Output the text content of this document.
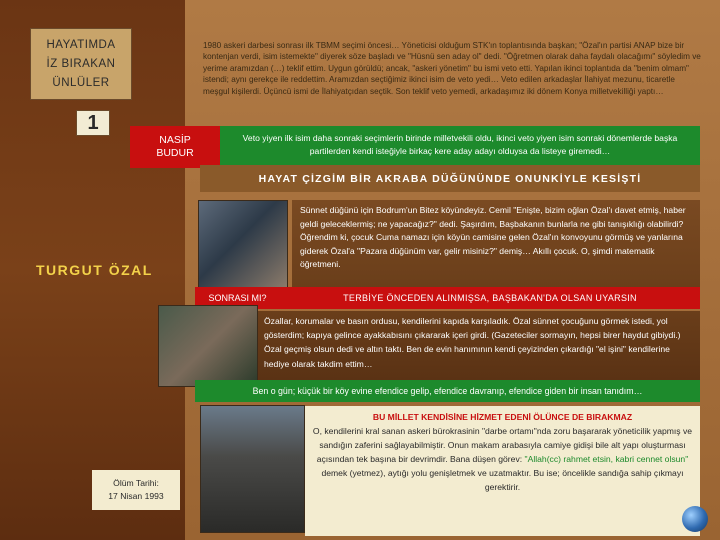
HAYATIMDA
İZ BIRAKAN
ÜNLÜLER
1
1980 askeri darbesi sonrası ilk TBMM seçimi öncesi… Yöneticisi olduğum STK'ın toplantısında başkan; "Özal'ın partisi ANAP bize bir kontenjan verdi, isim istemekte" diyerek söze başladı ve "Hüsnü sen aday ol" dedi. "Öğretmen olarak daha faydalı olacağımı" söyledim ve yerime aramızdan (…) teklif ettim. Uygun görüldü; ancak, "askeri yönetim" bu ismi veto etti. Yapılan ikinci toplantıda da "benim olmam" istendi; aynı gerekçe ile reddettim. Aramızdan seçtiğimiz ikinci isim de veto yedi… Veto edilen arkadaşlar İlahiyat mezunu, ticaretle meşgul kişilerdi. Üçüncü ismi de İlahiyatçıdan seçtik. Son teklif veto yemedi, arkadaşımız iki dönem Konya milletvekilliği yaptı…
NASİP
BUDUR
Veto yiyen ilk isim daha sonraki seçimlerin birinde milletvekili oldu, ikinci veto yiyen isim sonraki dönemlerde başka partilerden kendi isteğiyle birkaç kere aday adayı olduysa da listeye giremedi…
HAYAT ÇİZGİM BİR AKRABA DÜĞÜNÜNDE ONUNKİYLE KESİŞTİ
Sünnet düğünü için Bodrum'un Bitez köyündeyiz. Cemil "Enişte, bizim oğlan Özal'ı davet etmiş, haber geldi geleceklermiş; ne yapacağız?" dedi. Şaşırdım, Başbakanın bunlarla ne gibi tanışıklığı olabilirdi? Öğrendim ki, çocuk Cuma namazı için köyün camisine gelen Özal'ın konvoyunu görmüş ve yanlarına giderek Özal'a "Pazara düğünüm var, gelir misiniz?" demiş… Akıllı çocuk. O, şimdi matematik öğretmeni.
TURGUT ÖZAL
SONRASI MI?	TERBİYE ÖNCEDEN ALINMIŞSA, BAŞBAKAN'DA OLSAN UYARSIN
Özallar, korumalar ve basın ordusu, kendilerini kapıda karşıladık. Özal sünnet çocuğunu görmek istedi, yol gösterdim; kapıya gelince ayakkabısını çıkararak içeri girdi. (Gazeteciler sormayın, hepsi birer haydut gibiydi.) Özal geçmiş olsun dedi ve altın taktı. Ben de evin hanımının kendi çeyizinden çıkardığı "el işini" kendilerine hediye olarak takdim ettim…
Ben o gün; küçük bir köy evine efendice gelip, efendice davranıp, efendice giden bir insan tanıdım…
BU MİLLET KENDİSİNE HİZMET EDENİ ÖLÜNCE DE BIRAKMAZ
O, kendilerini kral sanan askeri bürokrasinin "darbe ortamı"nda zoru başararak yöneticilik yapmış ve sandığın zaferini sağlayabilmiştir. Onun makam arabasıyla camiye gidişi bile alt yapı oluşturması açısından tek başına bir devrimdir. Bana düşen görev: "Allah(cc) rahmet etsin, kabri cennet olsun" demek (yetmez), aytığı yolu genişletmek ve uzatmaktır. Bu ise; öncelikle sandığa sahip çıkmayı gerektirir.
Ölüm Tarihi:
17 Nisan 1993
